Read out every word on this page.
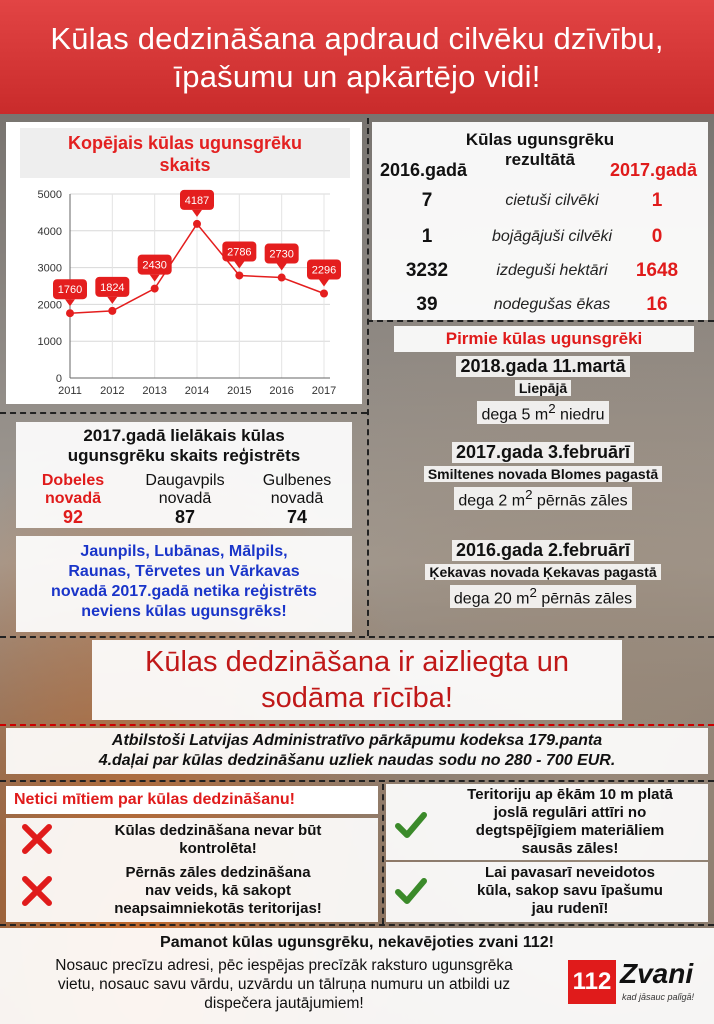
Kūlas dedzināšana apdraud cilvēku dzīvību,
īpašumu un apkārtējo vidi!
Kopējais kūlas ugunsgrēku
skaits
0
1000
2000
3000
4000
5000
2011 2012 2013 2014 2015 2016 2017
1760 1824
2430
4187
2786 2730
2296
Kūlas ugunsgrēku
rezultātā
2016.gadā	2017.gadā
7	cietuši cilvēki	1
1	bojāgājuši cilvēki	0
3232	izdeguši hektāri	1648
39	nodegušas ēkas	16
Pirmie kūlas ugunsgrēki
2018.gada 11.martā
Liepājā
dega 5 $m^2$ niedru
2017.gada 3.februārī
Smiltenes novada Blomes pagastā
dega 2 $m^2$ pērnās zāles
2016.gada 2.februārī
Ķekavas novada Ķekavas pagastā
dega 20 $m^2$ pērnās zāles
2017.gadā lielākais kūlas
ugunsgrēku skaits reģistrēts
Dobeles
novadā
92
Daugavpils
novadā
87
Gulbenes
novadā
74
Jaunpils, Lubānas, Mālpils,
Raunas, Tērvetes un Vārkavas
novadā 2017.gadā netika reģistrēts
neviens kūlas ugunsgrēks!
Kūlas dedzināšana ir aizliegta un
sodāma rīcība!
Atbilstoši Latvijas Administratīvo pārkāpumu kodeksa 179.panta
4.daļai par kūlas dedzināšanu uzliek naudas sodu no 280 - 700 EUR.
Netici mītiem par kūlas dedzināšanu!
Kūlas dedzināšana nevar būt
kontrolēta!
Pērnās zāles dedzināšana
nav veids, kā sakopt
neapsaimniekotās teritorijas!
Teritoriju ap ēkām 10 m platā
joslā regulāri attīri no
degtspējīgiem materiāliem
sausās zāles!
Lai pavasarī neveidotos
kūla, sakop savu īpašumu
jau rudenī!
Pamanot kūlas ugunsgrēku, nekavējoties zvani 112!
Nosauc precīzu adresi, pēc iespējas precīzāk raksturo ugunsgrēka
vietu, nosauc savu vārdu, uzvārdu un tālruņa numuru un atbildi uz
dispečera jautājumiem!
112 Zvani
kad jāsauc palīgā!
